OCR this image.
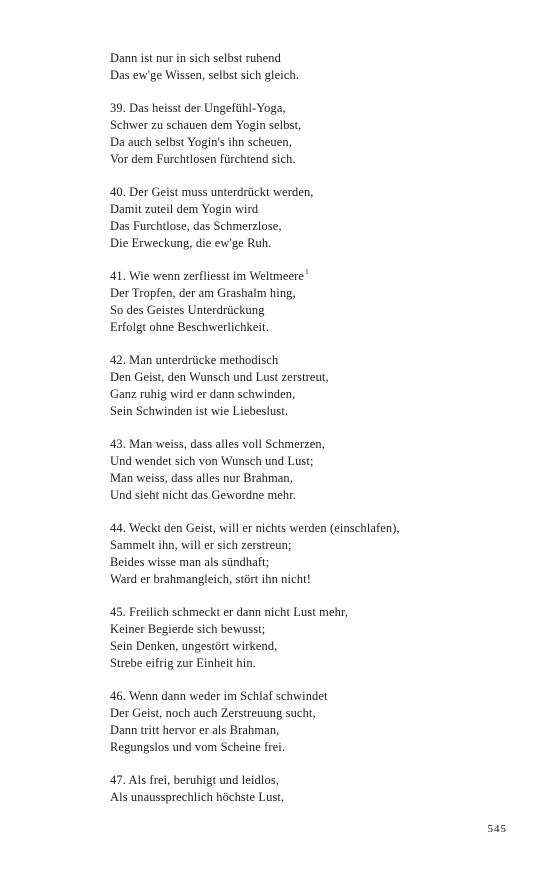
Dann ist nur in sich selbst ruhend
Das ew'ge Wissen, selbst sich gleich.
39. Das heisst der Ungefühl-Yoga,
Schwer zu schauen dem Yogin selbst,
Da auch selbst Yogin's ihn scheuen,
Vor dem Furchtlosen fürchtend sich.
40. Der Geist muss unterdrückt werden,
Damit zuteil dem Yogin wird
Das Furchtlose, das Schmerzlose,
Die Erweckung, die ew'ge Ruh.
41. Wie wenn zerfliesst im Weltmeere$^1$
Der Tropfen, der am Grashalm hing,
So des Geistes Unterdrückung
Erfolgt ohne Beschwerlichkeit.
42. Man unterdrücke methodisch
Den Geist, den Wunsch und Lust zerstreut,
Ganz ruhig wird er dann schwinden,
Sein Schwinden ist wie Liebeslust.
43. Man weiss, dass alles voll Schmerzen,
Und wendet sich von Wunsch und Lust;
Man weiss, dass alles nur Brahman,
Und sieht nicht das Gewordne mehr.
44. Weckt den Geist, will er nichts werden (einschlafen),
Sammelt ihn, will er sich zerstreun;
Beides wisse man als sündhaft;
Ward er brahmangleich, stört ihn nicht!
45. Freilich schmeckt er dann nicht Lust mehr,
Keiner Begierde sich bewusst;
Sein Denken, ungestört wirkend,
Strebe eifrig zur Einheit hin.
46. Wenn dann weder im Schlaf schwindet
Der Geist, noch auch Zerstreuung sucht,
Dann tritt hervor er als Brahman,
Regungslos und vom Scheine frei.
47. Als frei, beruhigt und leidlos,
Als unaussprechlich höchste Lust,
545
